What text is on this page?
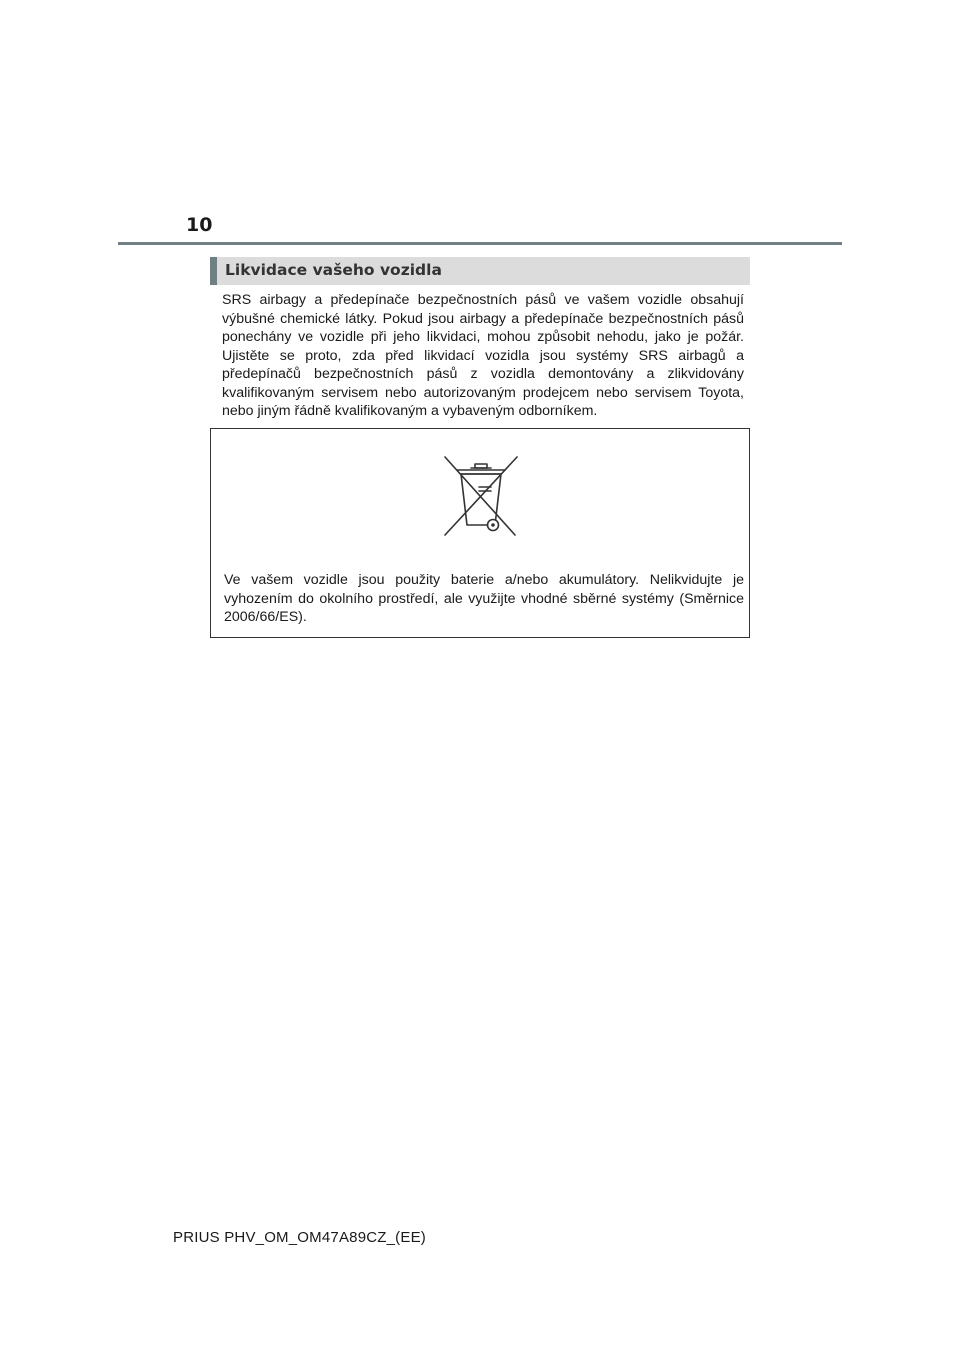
10
Likvidace vašeho vozidla

SRS airbagy a předepínače bezpečnostních pásů ve vašem vozidle obsahují výbušné chemické látky. Pokud jsou airbagy a předepínače bezpečnostních pásů ponechány ve vozidle při jeho likvidaci, mohou způsobit nehodu, jako je požár. Ujistěte se proto, zda před likvidací vozidla jsou systémy SRS airbagů a předepínačů bezpečnostních pásů z vozidla demontovány a zlikvidovány kvalifikovaným servisem nebo autorizovaným prodejcem nebo servisem Toyota, nebo jiným řádně kvalifikovaným a vybaveným odborníkem.

Ve vašem vozidle jsou použity baterie a/nebo akumulátory. Nelikvidujte je vyhozením do okolního prostředí, ale využijte vhodné sběrné systémy (Směrnice 2006/66/ES).

PRIUS PHV_OM_OM47A89CZ_(EE)
